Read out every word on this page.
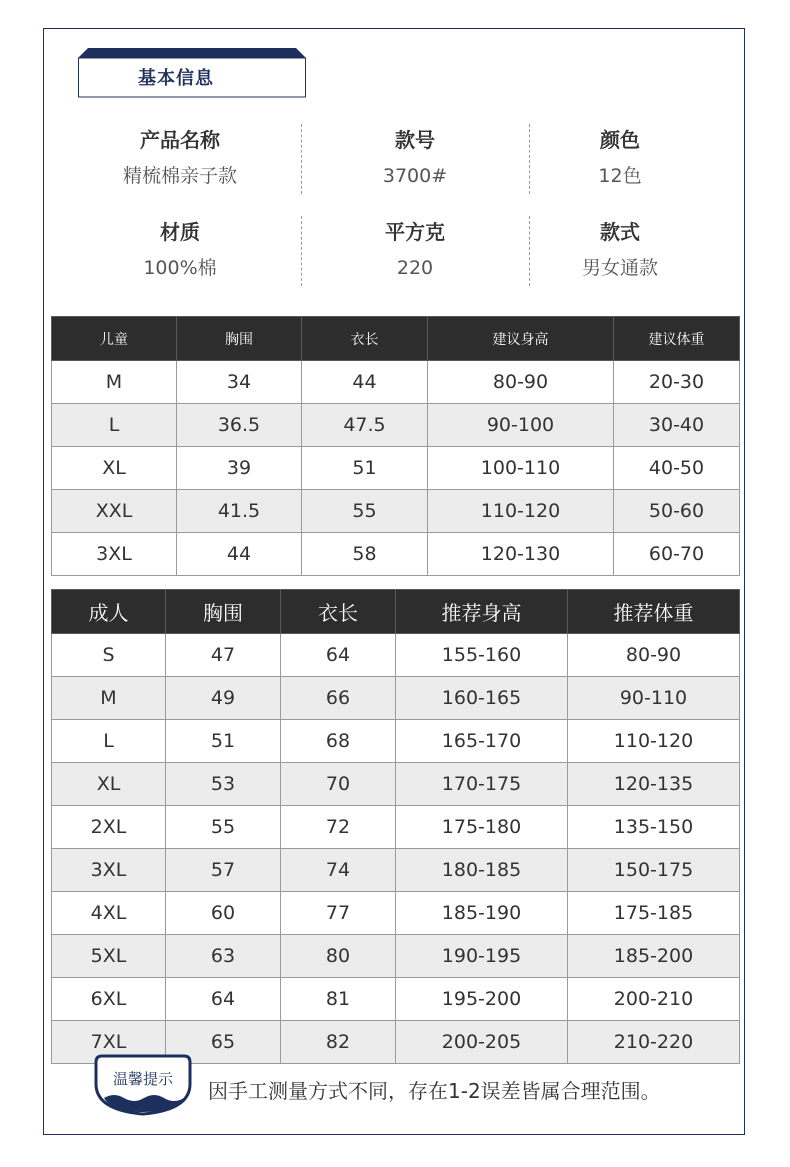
基本信息
产品名称
精梳棉亲子款
款号
3700#
颜色
12色
材质
100%棉
平方克
220
款式
男女通款
儿童	胸围	衣长	建议身高	建议体重
M	34	44	80-90	20-30
L	36.5	47.5	90-100	30-40
XL	39	51	100-110	40-50
XXL	41.5	55	110-120	50-60
3XL	44	58	120-130	60-70
成人	胸围	衣长	推荐身高	推荐体重
S	47	64	155-160	80-90
M	49	66	160-165	90-110
L	51	68	165-170	110-120
XL	53	70	170-175	120-135
2XL	55	72	175-180	135-150
3XL	57	74	180-185	150-175
4XL	60	77	185-190	175-185
5XL	63	80	190-195	185-200
6XL	64	81	195-200	200-210
7XL	65	82	200-205	210-220
温馨提示	因手工测量方式不同，存在1-2误差皆属合理范围。
